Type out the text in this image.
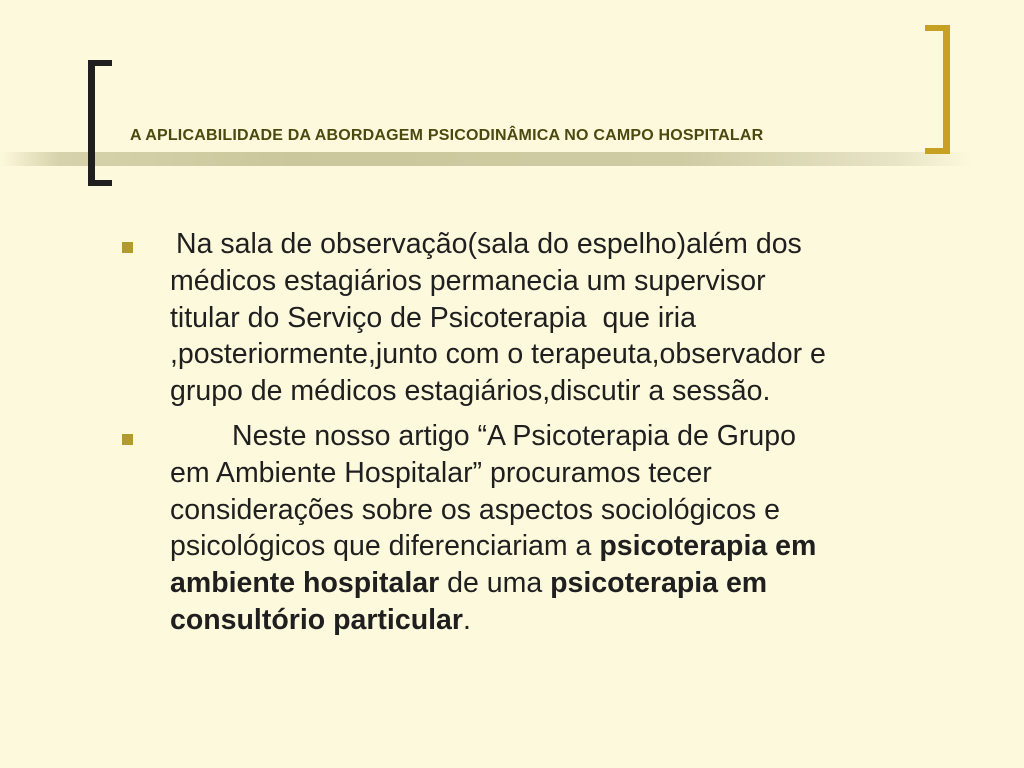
A APLICABILIDADE DA ABORDAGEM PSICODINÂMICA NO CAMPO HOSPITALAR
Na sala de observação(sala do espelho)além dos
médicos estagiários permanecia um supervisor
titular do Serviço de Psicoterapia  que iria
,posteriormente,junto com o terapeuta,observador e
grupo de médicos estagiários,discutir a sessão.
Neste nosso artigo “A Psicoterapia de Grupo
em Ambiente Hospitalar” procuramos tecer
considerações sobre os aspectos sociológicos e
psicológicos que diferenciariam a psicoterapia em
ambiente hospitalar de uma psicoterapia em
consultório particular.
